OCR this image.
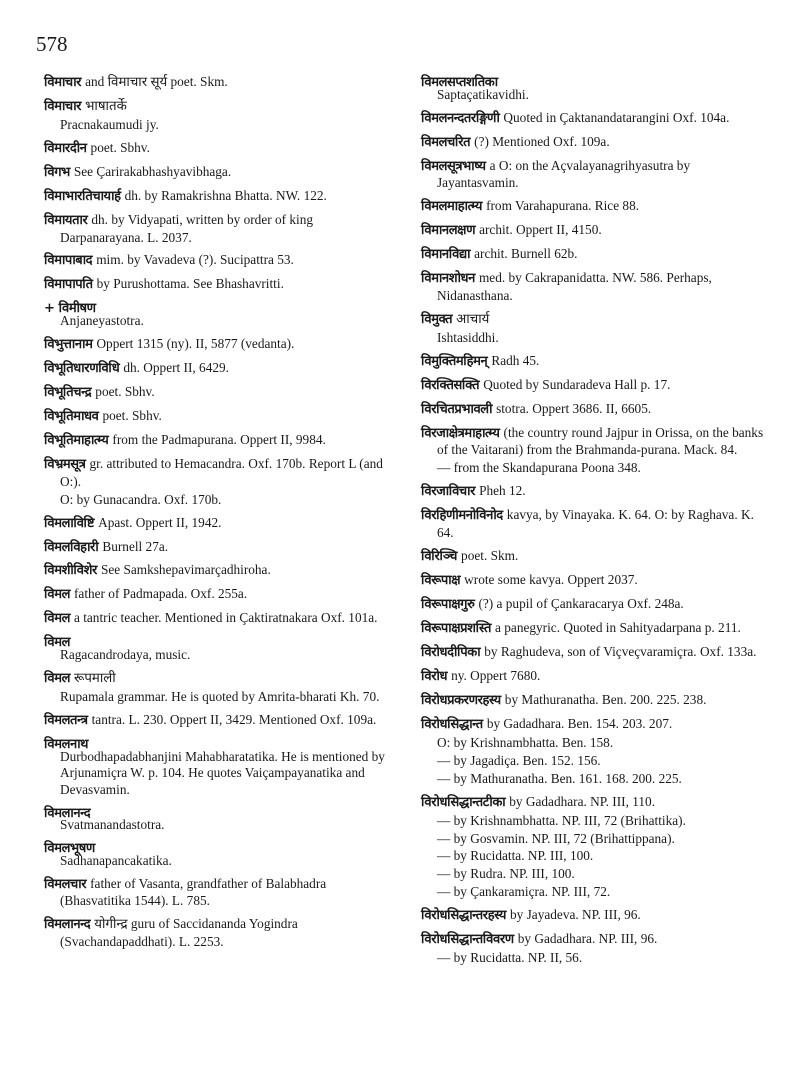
578
विमाचार and विमाचार सूर्य poet. Skm.
विमाचार भाषातर्के
Pracnakaumudi jy.
विमारदीन poet. Sbhv.
विगभ See Çarirakabhashyavibhaga.
विमाभारतिचायार्ह dh. by Ramakrishna Bhatta. NW. 122.
विमायतार dh. by Vidyapati, written by order of king Darpanarayana. L. 2037.
विमापाबाद mim. by Vavadeva (?). Sucipattra 53.
विमापापति by Purushottama. See Bhashavritti.
+ विमीषण
Anjaneyastotra.
विभुत्तानाम Oppert 1315 (ny). II, 5877 (vedanta).
विभूतिधारणविधि dh. Oppert II, 6429.
विभूतिचन्द्र poet. Sbhv.
विभूतिमाधव poet. Sbhv.
विभूतिमाहात्म्य from the Padmapurana. Oppert II, 9984.
विभ्रमसूत्र gr. attributed to Hemacandra. Oxf. 170b. Report L (and O:).
O: by Gunacandra. Oxf. 170b.
विमलाविष्टि Apast. Oppert II, 1942.
विमलविहारी Burnell 27a.
विमशीविशेर See Samkshepavimarçadhiroha.
विमल father of Padmapada. Oxf. 255a.
विमल a tantric teacher. Mentioned in Çaktiratnakara Oxf. 101a.
विमल
Ragacandrodaya, music.
विमल रूपमाली
Rupamala grammar. He is quoted by Amrita-bharati Kh. 70.
विमलतन्त्र tantra. L. 230. Oppert II, 3429. Mentioned Oxf. 109a.
विमलनाथ
Durbodhapadabhanjini Mahabharatatika. He is mentioned by Arjunamiçra W. p. 104. He quotes Vaiçampayanatika and Devasvamin.
विमलानन्द
Svatmanandastotra.
विमलभूषण
Sadhanapancakatika.
विमलचार father of Vasanta, grandfather of Balabhadra (Bhasvatitika 1544). L. 785.
विमलानन्द योगीन्द्र guru of Saccidananda Yogindra (Svachandapaddhati). L. 2253.
विमलसप्तशतिका
Saptaçatikavidhi.
विमलनन्दतरङ्गिणी Quoted in Çaktanandatarangini Oxf. 104a.
विमलचरित (?) Mentioned Oxf. 109a.
विमलसूत्रभाष्य a O: on the Açvalayanagrihyasutra by Jayantasvamin.
विमलमाहात्म्य from Varahapurana. Rice 88.
विमानलक्षण archit. Oppert II, 4150.
विमानविद्या archit. Burnell 62b.
विमानशोधन med. by Cakrapanidatta. NW. 586. Perhaps, Nidanasthana.
विमुक्त आचार्य
Ishtasiddhi.
विमुक्तिमहिमन् Radh 45.
विरक्तिसक्ति Quoted by Sundaradeva Hall p. 17.
विरचितप्रभावली stotra. Oppert 3686. II, 6605.
विरजाक्षेत्रमाहात्म्य (the country round Jajpur in Orissa, on the banks of the Vaitarani) from the Brahmanda-purana. Mack. 84.
— from the Skandapurana Poona 348.
विरजाविचार Pheh 12.
विरहिणीमनोविनोद kavya, by Vinayaka. K. 64. O: by Raghava. K. 64.
विरिञ्चि poet. Skm.
विरूपाक्ष wrote some kavya. Oppert 2037.
विरूपाक्षगुरु (?) a pupil of Çankaracarya Oxf. 248a.
विरूपाक्षप्रशस्ति a panegyric. Quoted in Sahityadarpana p. 211.
विरोधदीपिका by Raghudeva, son of Viçveçvaramiçra. Oxf. 133a.
विरोध ny. Oppert 7680.
विरोधप्रकरणरहस्य by Mathuranatha. Ben. 200. 225. 238.
विरोधसिद्धान्त by Gadadhara. Ben. 154. 203. 207.
O: by Krishnambhatta. Ben. 158.
— by Jagadiça. Ben. 152. 156.
— by Mathuranatha. Ben. 161. 168. 200. 225.
विरोधसिद्धान्तटीका by Gadadhara. NP. III, 110.
— by Krishnambhatta. NP. III, 72 (Brihattika).
— by Gosvamin. NP. III, 72 (Brihattippana).
— by Rucidatta. NP. III, 100.
— by Rudra. NP. III, 100.
— by Çankaramiçra. NP. III, 72.
विरोधसिद्धान्तरहस्य by Jayadeva. NP. III, 96.
विरोधसिद्धान्तविवरण by Gadadhara. NP. III, 96.
— by Rucidatta. NP. II, 56.
